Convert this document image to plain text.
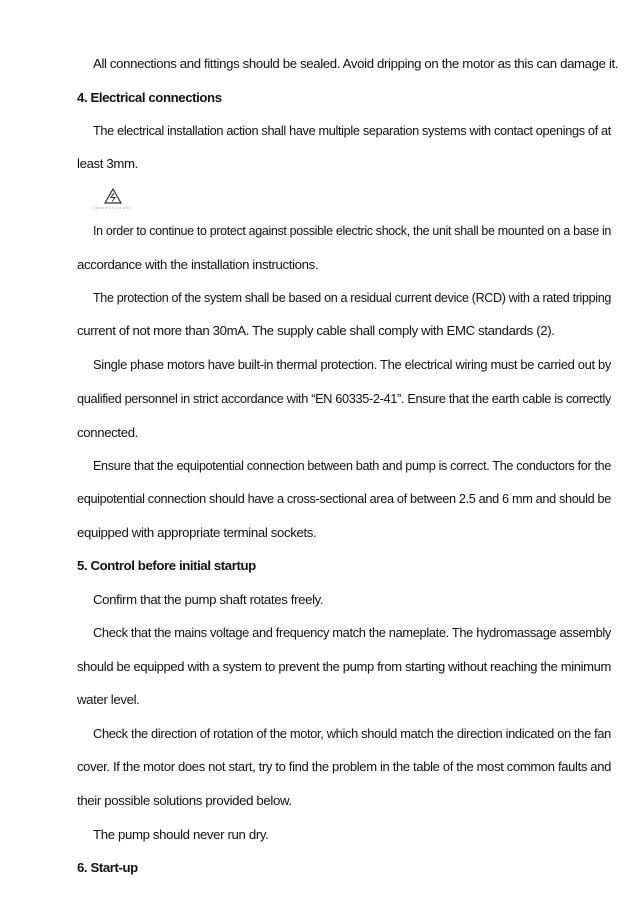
All connections and fittings should be sealed. Avoid dripping on the motor as this can damage it.
4. Electrical connections
The electrical installation action shall have multiple separation systems with contact openings of at
least 3mm.
In order to continue to protect against possible electric shock, the unit shall be mounted on a base in
accordance with the installation instructions.
The protection of the system shall be based on a residual current device (RCD) with a rated tripping
current of not more than 30mA. The supply cable shall comply with EMC standards (2).
Single phase motors have built-in thermal protection. The electrical wiring must be carried out by
qualified personnel in strict accordance with “EN 60335-2-41”. Ensure that the earth cable is correctly
connected.
Ensure that the equipotential connection between bath and pump is correct. The conductors for the
equipotential connection should have a cross-sectional area of between 2.5 and 6 mm and should be
equipped with appropriate terminal sockets.
5. Control before initial startup
Confirm that the pump shaft rotates freely.
Check that the mains voltage and frequency match the nameplate. The hydromassage assembly
should be equipped with a system to prevent the pump from starting without reaching the minimum
water level.
Check the direction of rotation of the motor, which should match the direction indicated on the fan
cover. If the motor does not start, try to find the problem in the table of the most common faults and
their possible solutions provided below.
The pump should never run dry.
6. Start-up
